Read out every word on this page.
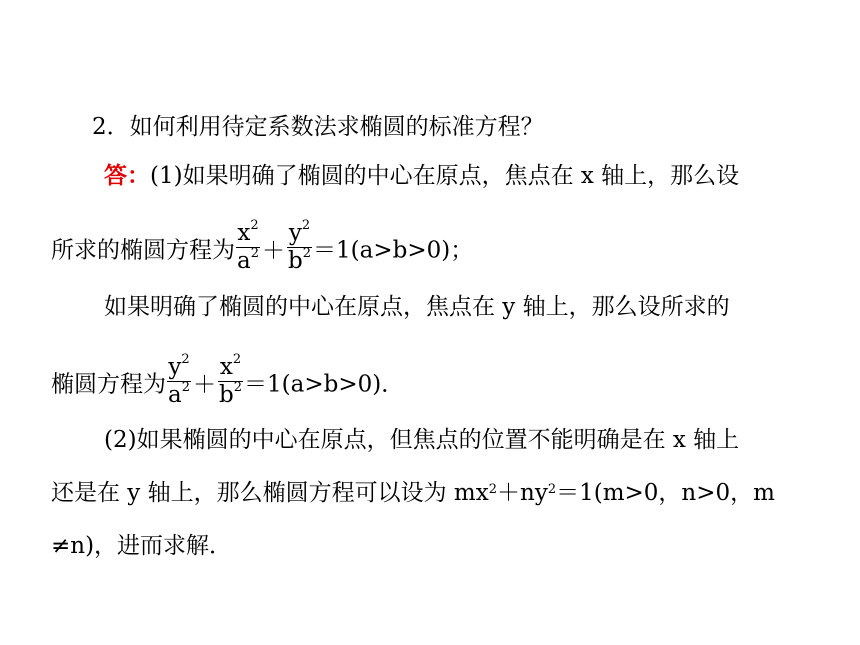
2．如何利用待定系数法求椭圆的标准方程？
答：(1)如果明确了椭圆的中心在原点，焦点在 x 轴上，那么设
所求的椭圆方程为 $\frac{x^2}{a^2} + \frac{y^2}{b^2} =1(a>b>0)$；
如果明确了椭圆的中心在原点，焦点在 y 轴上，那么设所求的
椭圆方程为 $\frac{y^2}{a^2} + \frac{x^2}{b^2} =1(a>b>0)$．
(2)如果椭圆的中心在原点，但焦点的位置不能明确是在 x 轴上
还是在 y 轴上，那么椭圆方程可以设为 $mx^2+ny^2=1(m>0$，n>0，m
≠n)，进而求解．
